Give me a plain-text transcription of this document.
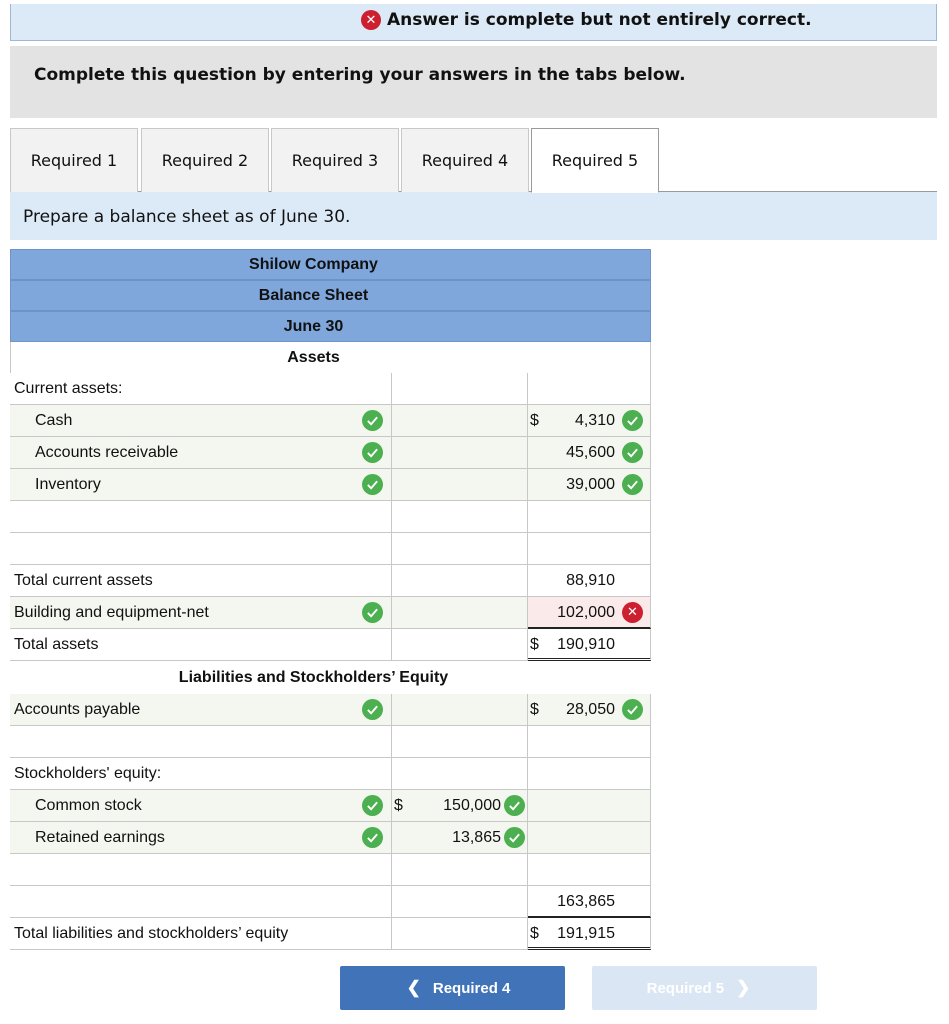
✕ Answer is complete but not entirely correct.
Complete this question by entering your answers in the tabs below.
Required 1	Required 2	Required 3	Required 4	Required 5
Prepare a balance sheet as of June 30.
Shilow Company
Balance Sheet
June 30
Assets
Current assets:
Cash	$ 4,310
Accounts receivable	45,600
Inventory	39,000
Total current assets	88,910
Building and equipment-net	102,000 ✕
Total assets	$ 190,910
Liabilities and Stockholders’ Equity
Accounts payable	$ 28,050
Stockholders' equity:
Common stock	$	150,000
Retained earnings	13,865
163,865
Total liabilities and stockholders’ equity	$ 191,915
❮ Required 4	Required 5 ❯
